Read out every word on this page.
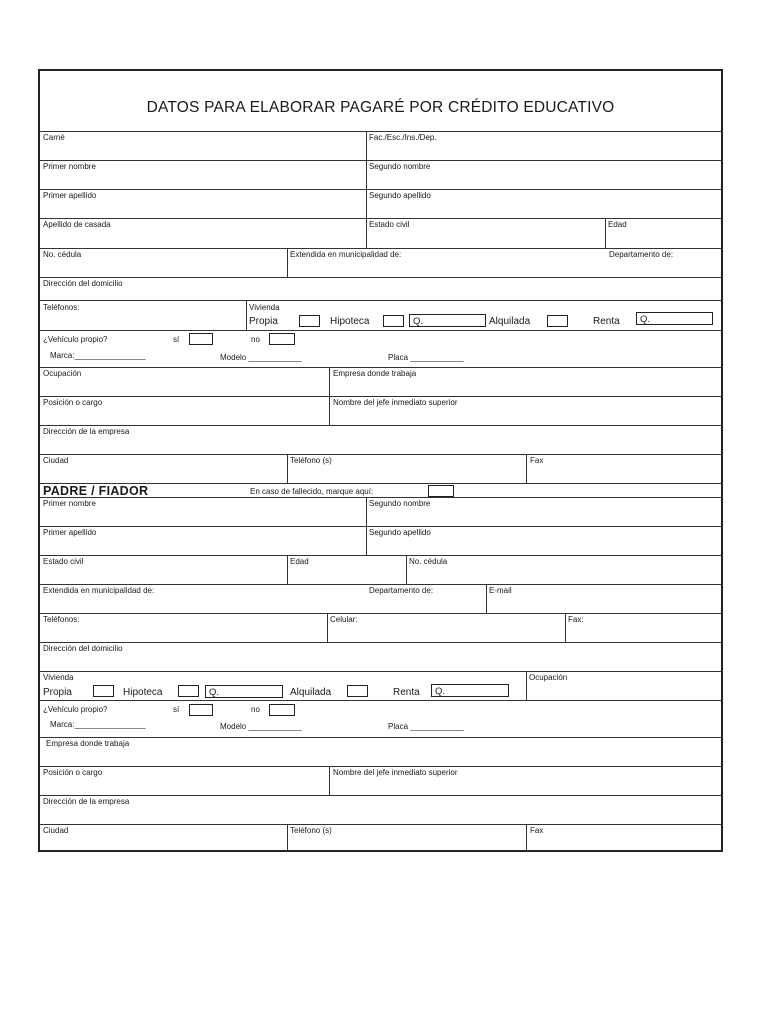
DATOS PARA ELABORAR PAGARÉ POR CRÉDITO EDUCATIVO
Carné	Fac./Esc./Ins./Dep.
Primer nombre	Segundo nombre
Primer apellido	Segundo apellido
Apellido de casada	Estado civil	Edad
No. cédula	Extendida en municipalidad de:	Departamento de:
Dirección del domicilio
Teléfonos:	Vivienda
Propia	Hipoteca	Q.	Alquilada	Renta	Q.
¿Vehículo propio?	sí	no
Marca:________________	Modelo ____________	Placa ____________
Ocupación	Empresa donde trabaja
Posición o cargo	Nombre del jefe inmediato superior
Dirección de la empresa
Ciudad	Teléfono (s)	Fax
PADRE / FIADOR	En caso de fallecido, marque aquí:
Primer nombre	Segundo nombre
Primer apellido	Segundo apellido
Estado civil	Edad	No. cédula
Extendida en municipalidad de:	Departamento de:	E-mail
Teléfonos:	Celular:	Fax:
Dirección del domicilio
Vivienda	Ocupación
Propia	Hipoteca	Q.	Alquilada	Renta	Q.
¿Vehículo propio?	sí	no
Marca:________________	Modelo ____________	Placa ____________
Empresa donde trabaja
Posición o cargo	Nombre del jefe inmediato superior
Dirección de la empresa
Ciudad	Teléfono (s)	Fax
